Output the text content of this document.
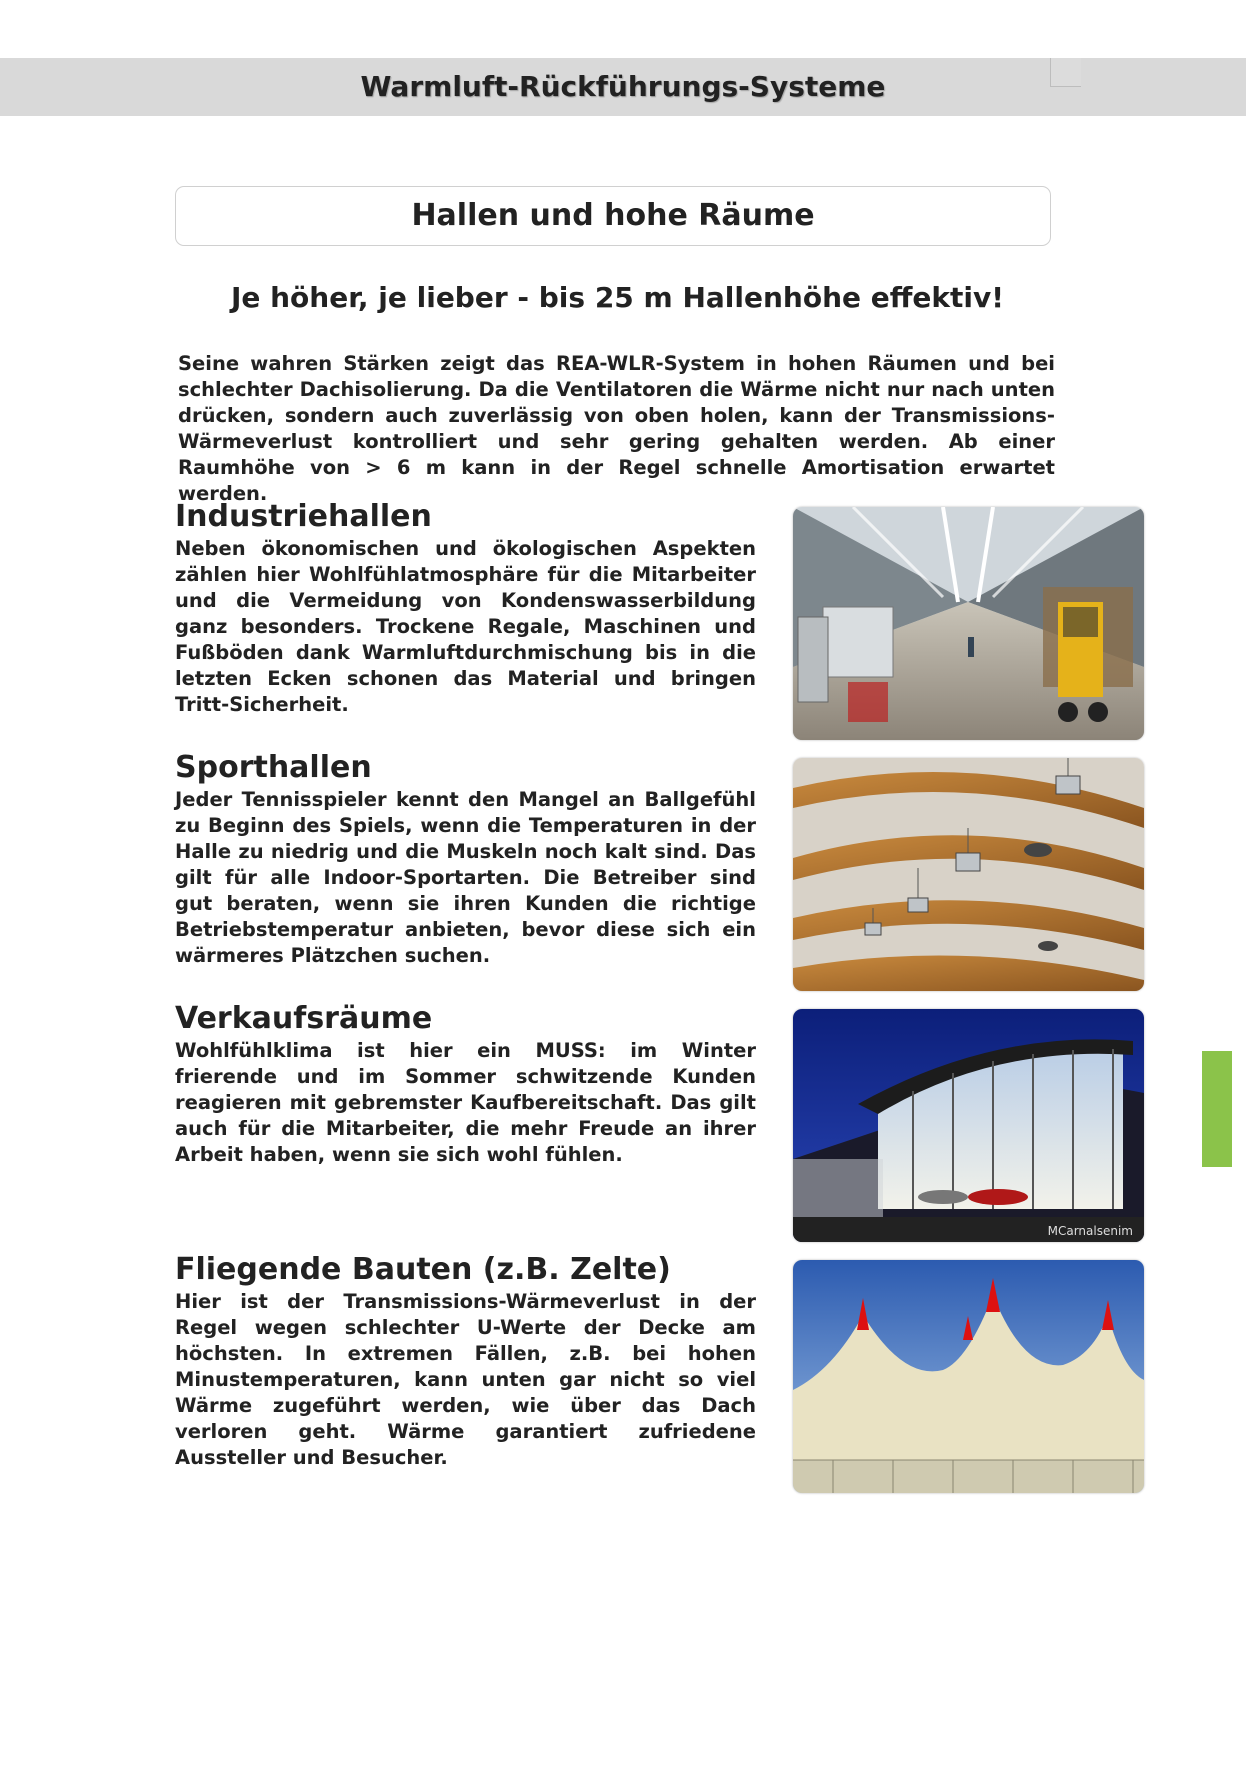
Warmluft-Rückführungs-Systeme
Hallen und hohe Räume
Je höher, je lieber - bis 25 m Hallenhöhe effektiv!
Seine wahren Stärken zeigt das REA-WLR-System in hohen Räumen und bei schlechter Dachisolierung. Da die Ventilatoren die Wärme nicht nur nach unten drücken, sondern auch zuverlässig von oben holen, kann der Transmissions-Wärmeverlust kontrolliert und sehr gering gehalten werden. Ab einer Raumhöhe von > 6 m kann in der Regel schnelle Amortisation erwartet werden.
Industriehallen
Neben ökonomischen und ökologischen Aspekten zählen hier Wohlfühlatmosphäre für die Mitarbeiter und die Vermeidung von Kondenswasserbildung ganz besonders. Trockene Regale, Maschinen und Fußböden dank Warmluftdurchmischung bis in die letzten Ecken schonen das Material und bringen Tritt-Sicherheit.
Sporthallen
Jeder Tennisspieler kennt den Mangel an Ballgefühl zu Beginn des Spiels, wenn die Temperaturen in der Halle zu niedrig und die Muskeln noch kalt sind. Das gilt für alle Indoor-Sportarten. Die Betreiber sind gut beraten, wenn sie ihren Kunden die richtige Betriebstemperatur anbieten, bevor diese sich ein wärmeres Plätzchen suchen.
Verkaufsräume
Wohlfühlklima ist hier ein MUSS: im Winter frierende und im Sommer schwitzende Kunden reagieren mit gebremster Kaufbereitschaft. Das gilt auch für die Mitarbeiter, die mehr Freude an ihrer Arbeit haben, wenn sie sich wohl fühlen.
MCarnalsenim
Fliegende Bauten (z.B. Zelte)
Hier ist der Transmissions-Wärmeverlust in der Regel wegen schlechter U-Werte der Decke am höchsten. In extremen Fällen, z.B. bei hohen Minustemperaturen, kann unten gar nicht so viel Wärme zugeführt werden, wie über das Dach verloren geht. Wärme garantiert zufriedene Aussteller und Besucher.
